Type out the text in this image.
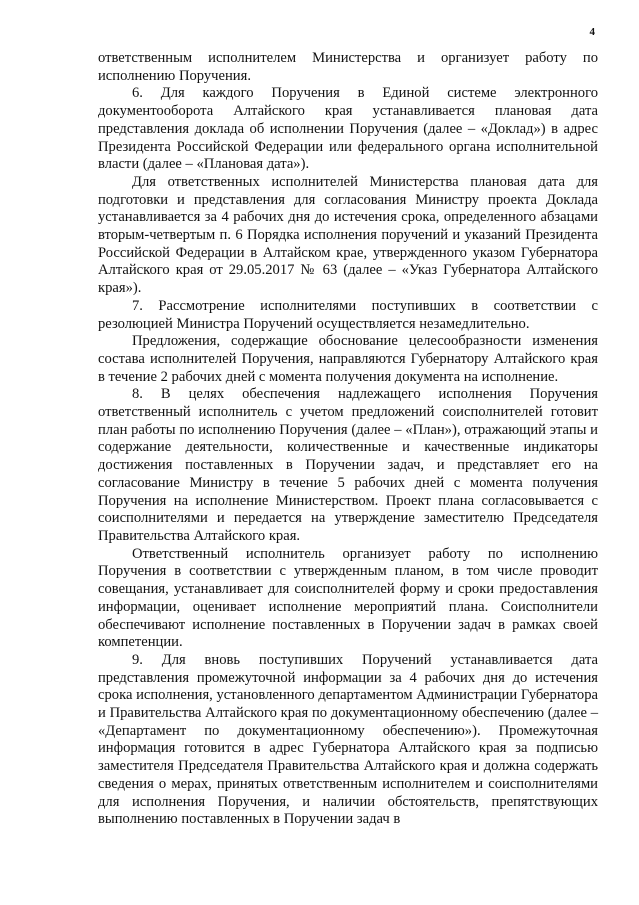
4

ответственным исполнителем Министерства и организует работу по исполнению Поручения.

6. Для каждого Поручения в Единой системе электронного документооборота Алтайского края устанавливается плановая дата представления доклада об исполнении Поручения (далее – «Доклад») в адрес Президента Российской Федерации или федерального органа исполнительной власти (далее – «Плановая дата»).

Для ответственных исполнителей Министерства плановая дата для подготовки и представления для согласования Министру проекта Доклада устанавливается за 4 рабочих дня до истечения срока, определенного абзацами вторым-четвертым п. 6 Порядка исполнения поручений и указаний Президента Российской Федерации в Алтайском крае, утвержденного указом Губернатора Алтайского края от 29.05.2017 № 63 (далее – «Указ Губернатора Алтайского края»).

7. Рассмотрение исполнителями поступивших в соответствии с резолюцией Министра Поручений осуществляется незамедлительно.

Предложения, содержащие обоснование целесообразности изменения состава исполнителей Поручения, направляются Губернатору Алтайского края в течение 2 рабочих дней с момента получения документа на исполнение.

8. В целях обеспечения надлежащего исполнения Поручения ответственный исполнитель с учетом предложений соисполнителей готовит план работы по исполнению Поручения (далее – «План»), отражающий этапы и содержание деятельности, количественные и качественные индикаторы достижения поставленных в Поручении задач, и представляет его на согласование Министру в течение 5 рабочих дней с момента получения Поручения на исполнение Министерством. Проект плана согласовывается с соисполнителями и передается на утверждение заместителю Председателя Правительства Алтайского края.

Ответственный исполнитель организует работу по исполнению Поручения в соответствии с утвержденным планом, в том числе проводит совещания, устанавливает для соисполнителей форму и сроки предоставления информации, оценивает исполнение мероприятий плана. Соисполнители обеспечивают исполнение поставленных в Поручении задач в рамках своей компетенции.

9. Для вновь поступивших Поручений устанавливается дата представления промежуточной информации за 4 рабочих дня до истечения срока исполнения, установленного департаментом Администрации Губернатора и Правительства Алтайского края по документационному обеспечению (далее – «Департамент по документационному обеспечению»). Промежуточная информация готовится в адрес Губернатора Алтайского края за подписью заместителя Председателя Правительства Алтайского края и должна содержать сведения о мерах, принятых ответственным исполнителем и соисполнителями для исполнения Поручения, и наличии обстоятельств, препятствующих выполнению поставленных в Поручении задач в
